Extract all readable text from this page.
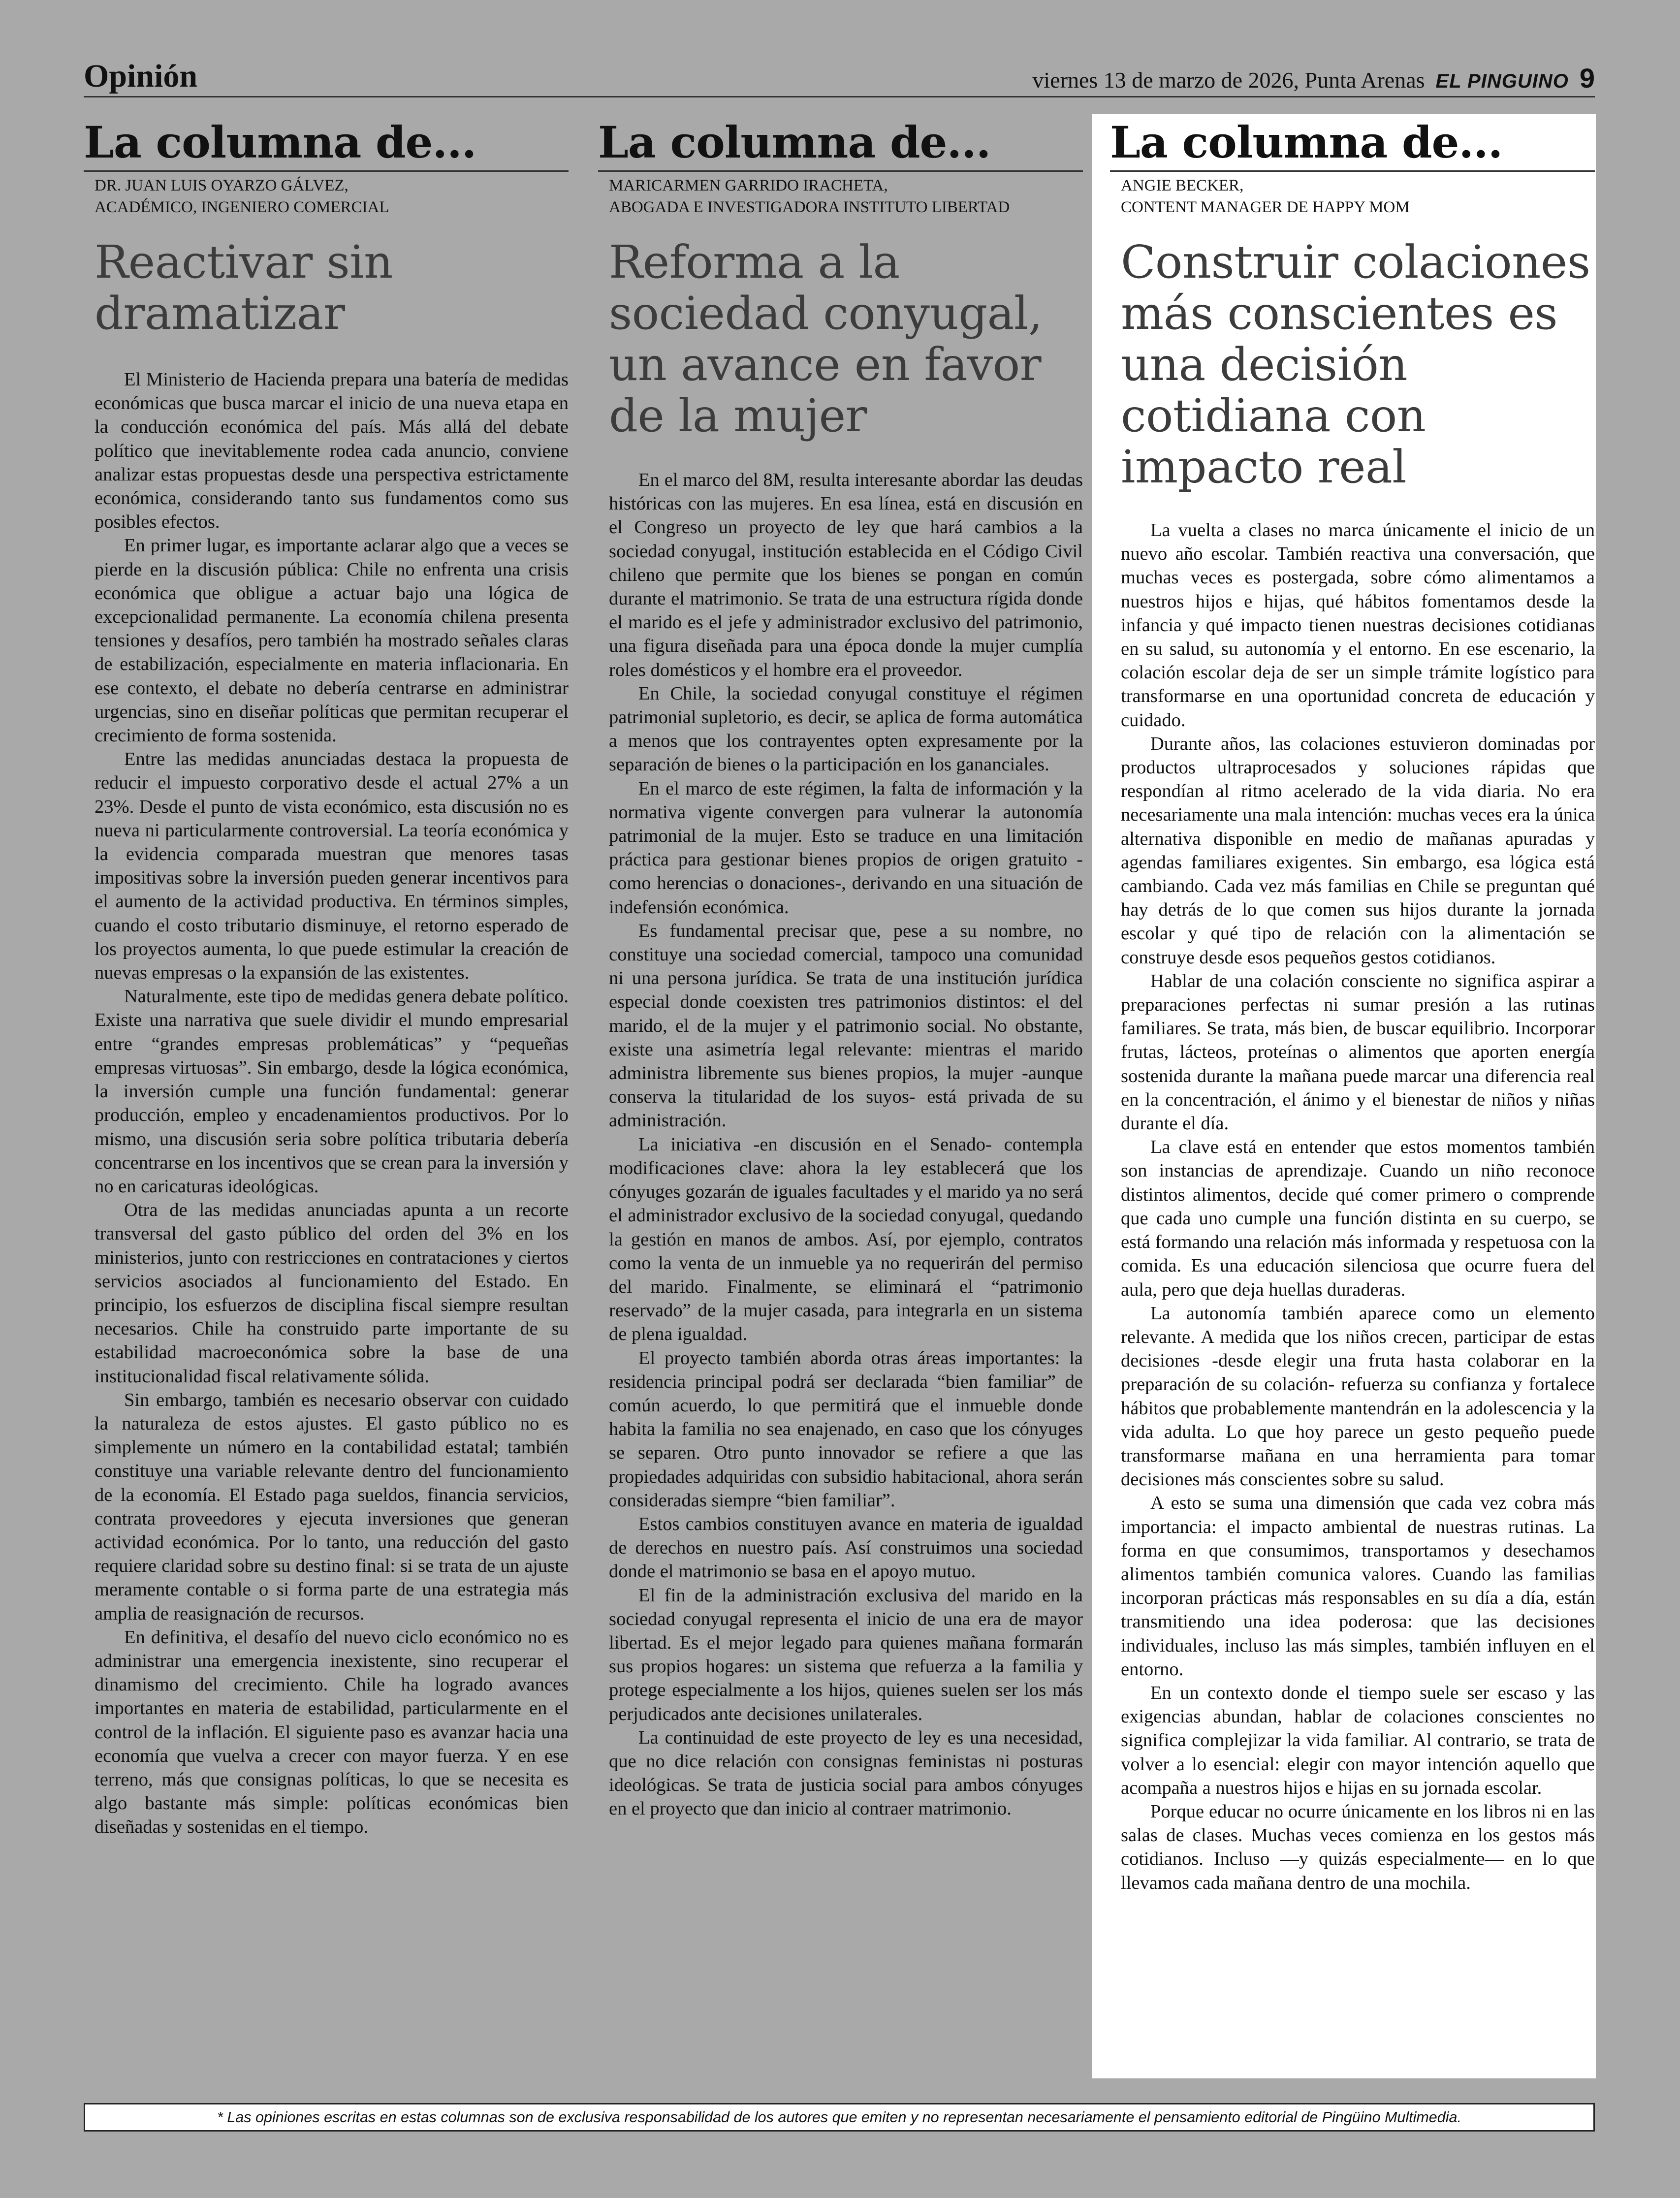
Opinión	viernes 13 de marzo de 2026, Punta Arenas EL PINGUINO 9
La columna de...
DR. JUAN LUIS OYARZO GÁLVEZ,
ACADÉMICO, INGENIERO COMERCIAL
Reactivar sin dramatizar

El Ministerio de Hacienda prepara una batería de medidas económicas que busca marcar el inicio de una nueva etapa en la conducción económica del país. Más allá del debate político que inevitablemente rodea cada anuncio, conviene analizar estas propuestas desde una perspectiva estrictamente económica, considerando tanto sus fundamentos como sus posibles efectos.

En primer lugar, es importante aclarar algo que a veces se pierde en la discusión pública: Chile no enfrenta una crisis económica que obligue a actuar bajo una lógica de excepcionalidad permanente. La economía chilena presenta tensiones y desafíos, pero también ha mostrado señales claras de estabilización, especialmente en materia inflacionaria. En ese contexto, el debate no debería centrarse en administrar urgencias, sino en diseñar políticas que permitan recuperar el crecimiento de forma sostenida.

Entre las medidas anunciadas destaca la propuesta de reducir el impuesto corporativo desde el actual 27% a un 23%. Desde el punto de vista económico, esta discusión no es nueva ni particularmente controversial. La teoría económica y la evidencia comparada muestran que menores tasas impositivas sobre la inversión pueden generar incentivos para el aumento de la actividad productiva. En términos simples, cuando el costo tributario disminuye, el retorno esperado de los proyectos aumenta, lo que puede estimular la creación de nuevas empresas o la expansión de las existentes.

Naturalmente, este tipo de medidas genera debate político. Existe una narrativa que suele dividir el mundo empresarial entre “grandes empresas problemáticas” y “pequeñas empresas virtuosas”. Sin embargo, desde la lógica económica, la inversión cumple una función fundamental: generar producción, empleo y encadenamientos productivos. Por lo mismo, una discusión seria sobre política tributaria debería concentrarse en los incentivos que se crean para la inversión y no en caricaturas ideológicas.

Otra de las medidas anunciadas apunta a un recorte transversal del gasto público del orden del 3% en los ministerios, junto con restricciones en contrataciones y ciertos servicios asociados al funcionamiento del Estado. En principio, los esfuerzos de disciplina fiscal siempre resultan necesarios. Chile ha construido parte importante de su estabilidad macroeconómica sobre la base de una institucionalidad fiscal relativamente sólida.

Sin embargo, también es necesario observar con cuidado la naturaleza de estos ajustes. El gasto público no es simplemente un número en la contabilidad estatal; también constituye una variable relevante dentro del funcionamiento de la economía. El Estado paga sueldos, financia servicios, contrata proveedores y ejecuta inversiones que generan actividad económica. Por lo tanto, una reducción del gasto requiere claridad sobre su destino final: si se trata de un ajuste meramente contable o si forma parte de una estrategia más amplia de reasignación de recursos.

En definitiva, el desafío del nuevo ciclo económico no es administrar una emergencia inexistente, sino recuperar el dinamismo del crecimiento. Chile ha logrado avances importantes en materia de estabilidad, particularmente en el control de la inflación. El siguiente paso es avanzar hacia una economía que vuelva a crecer con mayor fuerza. Y en ese terreno, más que consignas políticas, lo que se necesita es algo bastante más simple: políticas económicas bien diseñadas y sostenidas en el tiempo.

La columna de...
MARICARMEN GARRIDO IRACHETA,
ABOGADA E INVESTIGADORA INSTITUTO LIBERTAD
Reforma a la sociedad conyugal, un avance en favor de la mujer

En el marco del 8M, resulta interesante abordar las deudas históricas con las mujeres. En esa línea, está en discusión en el Congreso un proyecto de ley que hará cambios a la sociedad conyugal, institución establecida en el Código Civil chileno que permite que los bienes se pongan en común durante el matrimonio. Se trata de una estructura rígida donde el marido es el jefe y administrador exclusivo del patrimonio, una figura diseñada para una época donde la mujer cumplía roles domésticos y el hombre era el proveedor.

En Chile, la sociedad conyugal constituye el régimen patrimonial supletorio, es decir, se aplica de forma automática a menos que los contrayentes opten expresamente por la separación de bienes o la participación en los gananciales.

En el marco de este régimen, la falta de información y la normativa vigente convergen para vulnerar la autonomía patrimonial de la mujer. Esto se traduce en una limitación práctica para gestionar bienes propios de origen gratuito -como herencias o donaciones-, derivando en una situación de indefensión económica.

Es fundamental precisar que, pese a su nombre, no constituye una sociedad comercial, tampoco una comunidad ni una persona jurídica. Se trata de una institución jurídica especial donde coexisten tres patrimonios distintos: el del marido, el de la mujer y el patrimonio social. No obstante, existe una asimetría legal relevante: mientras el marido administra libremente sus bienes propios, la mujer -aunque conserva la titularidad de los suyos- está privada de su administración.

La iniciativa -en discusión en el Senado- contempla modificaciones clave: ahora la ley establecerá que los cónyuges gozarán de iguales facultades y el marido ya no será el administrador exclusivo de la sociedad conyugal, quedando la gestión en manos de ambos. Así, por ejemplo, contratos como la venta de un inmueble ya no requerirán del permiso del marido. Finalmente, se eliminará el “patrimonio reservado” de la mujer casada, para integrarla en un sistema de plena igualdad.

El proyecto también aborda otras áreas importantes: la residencia principal podrá ser declarada “bien familiar” de común acuerdo, lo que permitirá que el inmueble donde habita la familia no sea enajenado, en caso que los cónyuges se separen. Otro punto innovador se refiere a que las propiedades adquiridas con subsidio habitacional, ahora serán consideradas siempre “bien familiar”.

Estos cambios constituyen avance en materia de igualdad de derechos en nuestro país. Así construimos una sociedad donde el matrimonio se basa en el apoyo mutuo.

El fin de la administración exclusiva del marido en la sociedad conyugal representa el inicio de una era de mayor libertad. Es el mejor legado para quienes mañana formarán sus propios hogares: un sistema que refuerza a la familia y protege especialmente a los hijos, quienes suelen ser los más perjudicados ante decisiones unilaterales.

La continuidad de este proyecto de ley es una necesidad, que no dice relación con consignas feministas ni posturas ideológicas. Se trata de justicia social para ambos cónyuges en el proyecto que dan inicio al contraer matrimonio.

La columna de...
ANGIE BECKER,
CONTENT MANAGER DE HAPPY MOM
Construir colaciones más conscientes es una decisión cotidiana con impacto real

La vuelta a clases no marca únicamente el inicio de un nuevo año escolar. También reactiva una conversación, que muchas veces es postergada, sobre cómo alimentamos a nuestros hijos e hijas, qué hábitos fomentamos desde la infancia y qué impacto tienen nuestras decisiones cotidianas en su salud, su autonomía y el entorno. En ese escenario, la colación escolar deja de ser un simple trámite logístico para transformarse en una oportunidad concreta de educación y cuidado.

Durante años, las colaciones estuvieron dominadas por productos ultraprocesados y soluciones rápidas que respondían al ritmo acelerado de la vida diaria. No era necesariamente una mala intención: muchas veces era la única alternativa disponible en medio de mañanas apuradas y agendas familiares exigentes. Sin embargo, esa lógica está cambiando. Cada vez más familias en Chile se preguntan qué hay detrás de lo que comen sus hijos durante la jornada escolar y qué tipo de relación con la alimentación se construye desde esos pequeños gestos cotidianos.

Hablar de una colación consciente no significa aspirar a preparaciones perfectas ni sumar presión a las rutinas familiares. Se trata, más bien, de buscar equilibrio. Incorporar frutas, lácteos, proteínas o alimentos que aporten energía sostenida durante la mañana puede marcar una diferencia real en la concentración, el ánimo y el bienestar de niños y niñas durante el día.

La clave está en entender que estos momentos también son instancias de aprendizaje. Cuando un niño reconoce distintos alimentos, decide qué comer primero o comprende que cada uno cumple una función distinta en su cuerpo, se está formando una relación más informada y respetuosa con la comida. Es una educación silenciosa que ocurre fuera del aula, pero que deja huellas duraderas.

La autonomía también aparece como un elemento relevante. A medida que los niños crecen, participar de estas decisiones -desde elegir una fruta hasta colaborar en la preparación de su colación- refuerza su confianza y fortalece hábitos que probablemente mantendrán en la adolescencia y la vida adulta. Lo que hoy parece un gesto pequeño puede transformarse mañana en una herramienta para tomar decisiones más conscientes sobre su salud.

A esto se suma una dimensión que cada vez cobra más importancia: el impacto ambiental de nuestras rutinas. La forma en que consumimos, transportamos y desechamos alimentos también comunica valores. Cuando las familias incorporan prácticas más responsables en su día a día, están transmitiendo una idea poderosa: que las decisiones individuales, incluso las más simples, también influyen en el entorno.

En un contexto donde el tiempo suele ser escaso y las exigencias abundan, hablar de colaciones conscientes no significa complejizar la vida familiar. Al contrario, se trata de volver a lo esencial: elegir con mayor intención aquello que acompaña a nuestros hijos e hijas en su jornada escolar.

Porque educar no ocurre únicamente en los libros ni en las salas de clases. Muchas veces comienza en los gestos más cotidianos. Incluso —y quizás especialmente— en lo que llevamos cada mañana dentro de una mochila.

* Las opiniones escritas en estas columnas son de exclusiva responsabilidad de los autores que emiten y no representan necesariamente el pensamiento editorial de Pingüino Multimedia.
